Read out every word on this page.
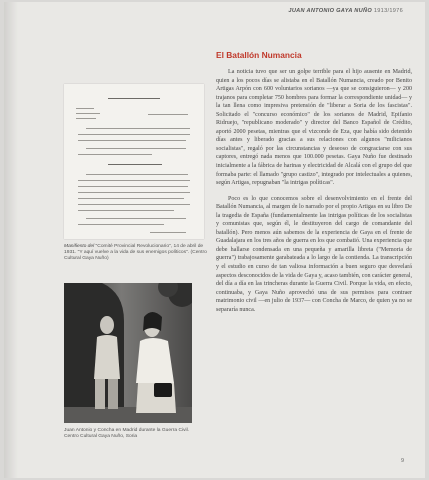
JUAN ANTONIO GAYA NUÑO 1913/1976
Manifiesto del "Comité Provincial Revolucionario", 14 de abril de 1931. "Y aquí vuelve a la vida de sus enemigos políticos". (Centro Cultural Gaya Nuño)
Juan Antonio y Concha en Madrid durante la Guerra Civil.
Centro Cultural Gaya Nuño, Soria
El Batallón Numancia

La noticia tuvo que ser un golpe terrible para el hijo ausente en Madrid, quien a los pocos días se alistaba en el Batallón Numancia, creado por Benito Artigas Arpón con 600 voluntarios sorianos —ya que se consiguieron— y 200 trajanos para completar 750 hombres para formar la correspondiente unidad— y la tan llena como impresiva pretensión de "liberar a Soria de los fascistas". Solicitado el "concurso económico" de los sorianos de Madrid, Epifanio Ridruejo, "republicano moderado" y director del Banco Español de Crédito, aportó 2000 pesetas, mientras que el vizconde de Eza, que había sido detenido días antes y liberado gracias a sus relaciones con algunos "milicianos socialistas", regaló por las circunstancias y deseoso de congraciarse con sus captores, entregó nada menos que 100.000 pesetas. Gaya Nuño fue destinado inicialmente a la fábrica de harinas y electricidad de Alcalá con el grupo del que formaba parte: el llamado "grupo castizo", integrado por intelectuales a quienes, según Artigas, repugnaban "la intrigas políticas".

Poco es lo que conocemos sobre el desenvolvimiento en el frente del Batallón Numancia, al margen de lo narrado por el propio Artigas en su libro De la tragedia de España (fundamentalmente las intrigas políticas de los socialistas y comunistas que, según él, le destituyeron del cargo de comandante del batallón). Pero menos aún sabemos de la experiencia de Gaya en el frente de Guadalajara en los tres años de guerra en los que combatió. Una experiencia que debe hallarse condensada en una pequeña y amarilla libreta ("Memoria de guerra") trabajosamente garabateada a lo largo de la contienda. La transcripción y el estudio en curso de tan valiosa información a buen seguro que desvelará aspectos desconocidos de la vida de Gaya y, acaso también, con carácter general, del día a día en las trincheras durante la Guerra Civil. Porque la vida, en efecto, continuaba, y Gaya Nuño aprovechó una de sus permisos para contraer matrimonio civil —en julio de 1937— con Concha de Marco, de quien ya no se separaría nunca.

9
